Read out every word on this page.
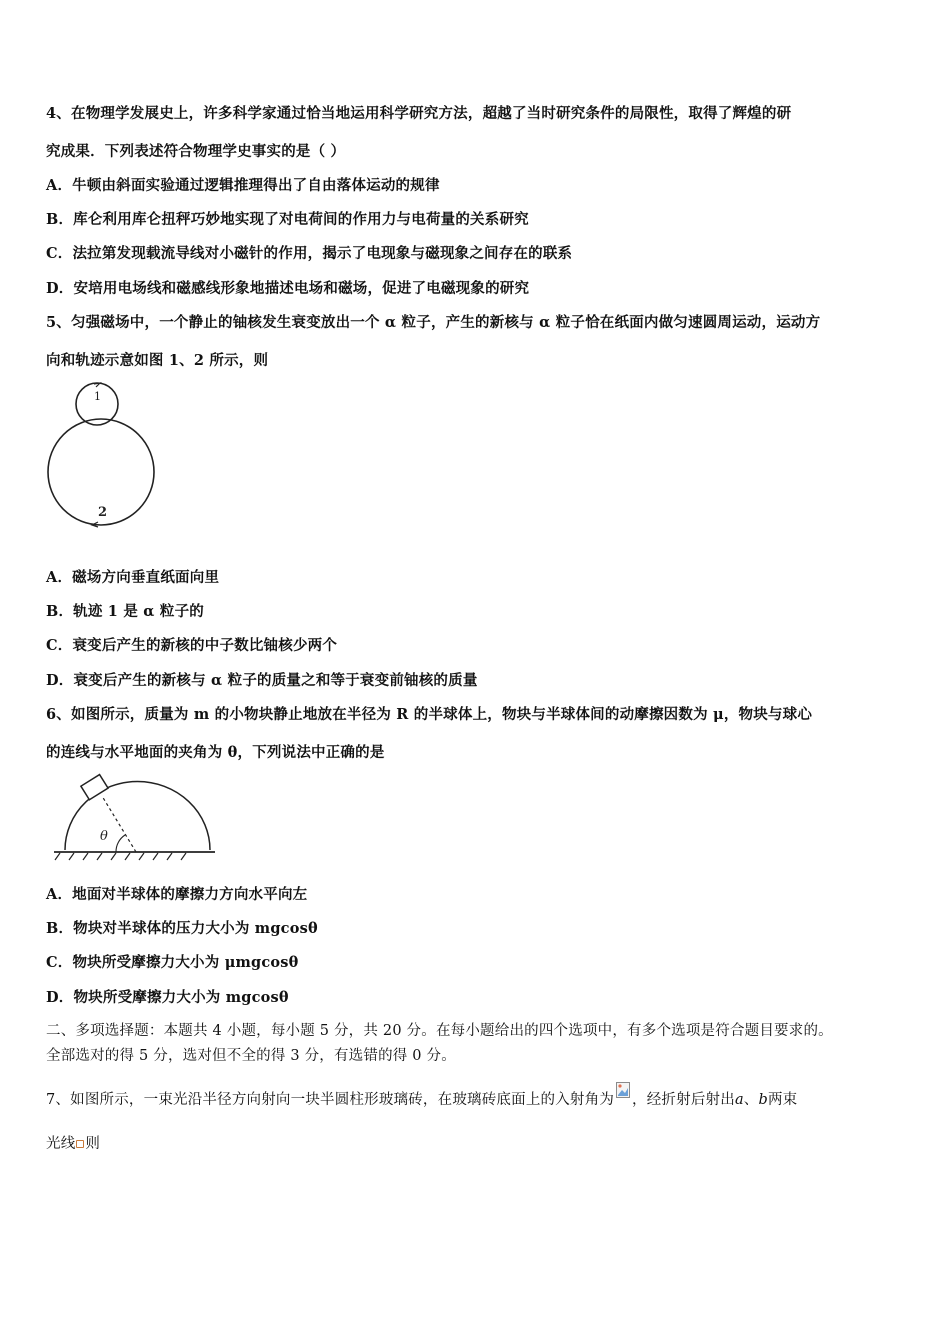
4、在物理学发展史上，许多科学家通过恰当地运用科学研究方法，超越了当时研究条件的局限性，取得了辉煌的研
究成果．下列表述符合物理学史事实的是（ ）
A．牛顿由斜面实验通过逻辑推理得出了自由落体运动的规律
B．库仑利用库仑扭秤巧妙地实现了对电荷间的作用力与电荷量的关系研究
C．法拉第发现载流导线对小磁针的作用，揭示了电现象与磁现象之间存在的联系
D．安培用电场线和磁感线形象地描述电场和磁场，促进了电磁现象的研究
5、匀强磁场中，一个静止的铀核发生衰变放出一个 α 粒子，产生的新核与 α 粒子恰在纸面内做匀速圆周运动，运动方
向和轨迹示意如图 1、2 所示，则
1
2
A．磁场方向垂直纸面向里
B．轨迹 1 是 α 粒子的
C．衰变后产生的新核的中子数比铀核少两个
D．衰变后产生的新核与 α 粒子的质量之和等于衰变前铀核的质量
6、如图所示，质量为 m 的小物块静止地放在半径为 R 的半球体上，物块与半球体间的动摩擦因数为 μ，物块与球心
的连线与水平地面的夹角为 θ，下列说法中正确的是
θ
A．地面对半球体的摩擦力方向水平向左
B．物块对半球体的压力大小为 mgcosθ
C．物块所受摩擦力大小为 μmgcosθ
D．物块所受摩擦力大小为 mgcosθ
二、多项选择题：本题共 4 小题，每小题 5 分，共 20 分。在每小题给出的四个选项中，有多个选项是符合题目要求的。
全部选对的得 5 分，选对但不全的得 3 分，有选错的得 0 分。
7、如图所示，一束光沿半径方向射向一块半圆柱形玻璃砖，在玻璃砖底面上的入射角为 ，经折射后射出a、b两束
光线 则
